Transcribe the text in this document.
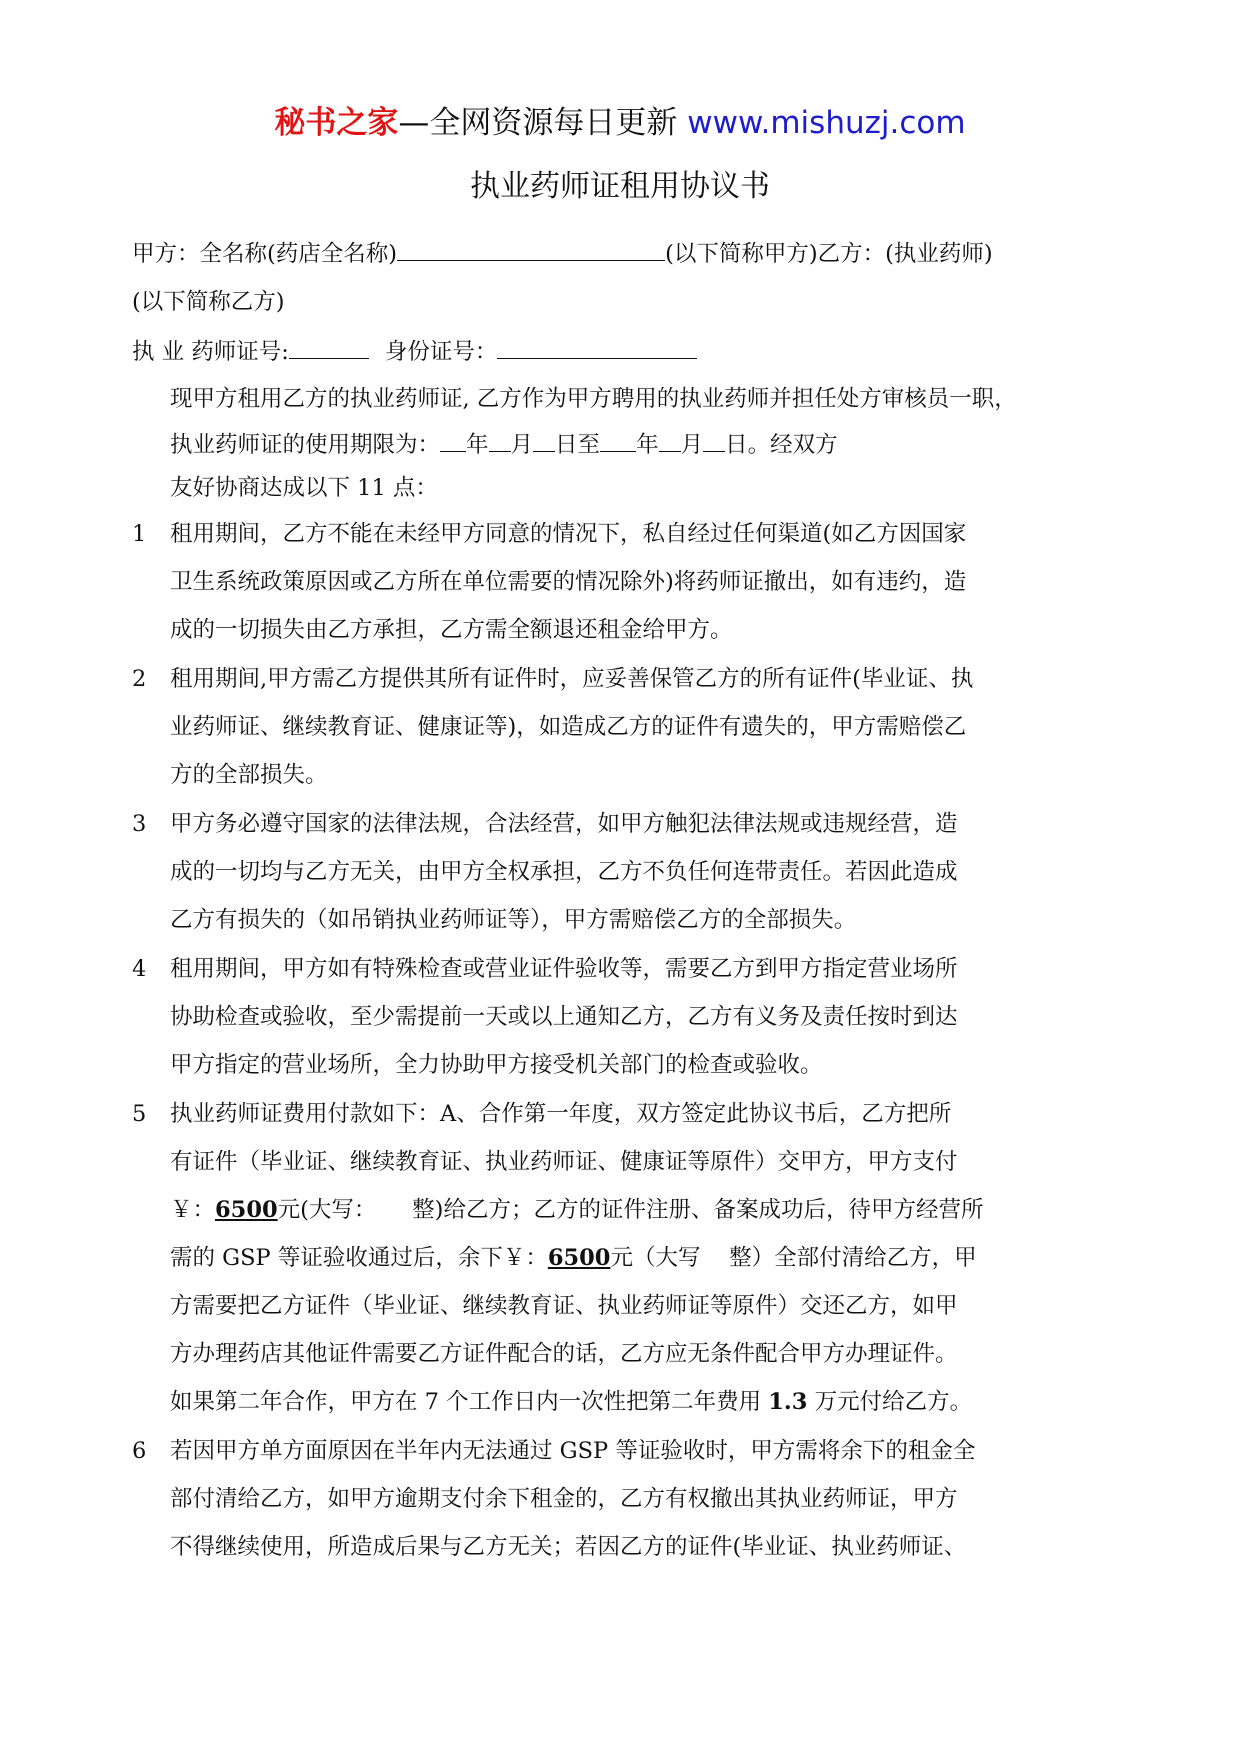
秘书之家—全网资源每日更新 www.mishuzj.com
执业药师证租用协议书
甲方：全名称(药店全名称)	(以下简称甲方)乙方：(执业药师)
(以下简称乙方)
执 业 药师证号:	身份证号：
现甲方租用乙方的执业药师证, 乙方作为甲方聘用的执业药师并担任处方审核员一职，
执业药师证的使用期限为： 年 月 日至 年 月 日。经双方
友好协商达成以下 11 点：
1 租用期间，乙方不能在未经甲方同意的情况下，私自经过任何渠道(如乙方因国家
卫生系统政策原因或乙方所在单位需要的情况除外)将药师证撤出，如有违约，造
成的一切损失由乙方承担，乙方需全额退还租金给甲方。
2 租用期间,甲方需乙方提供其所有证件时，应妥善保管乙方的所有证件(毕业证、执
业药师证、继续教育证、健康证等)，如造成乙方的证件有遗失的，甲方需赔偿乙
方的全部损失。
3 甲方务必遵守国家的法律法规，合法经营，如甲方触犯法律法规或违规经营，造
成的一切均与乙方无关，由甲方全权承担，乙方不负任何连带责任。若因此造成
乙方有损失的（如吊销执业药师证等），甲方需赔偿乙方的全部损失。
4 租用期间，甲方如有特殊检查或营业证件验收等，需要乙方到甲方指定营业场所
协助检查或验收，至少需提前一天或以上通知乙方，乙方有义务及责任按时到达
甲方指定的营业场所，全力协助甲方接受机关部门的检查或验收。
5 执业药师证费用付款如下：A、合作第一年度，双方签定此协议书后，乙方把所
有证件（毕业证、继续教育证、执业药师证、健康证等原件）交甲方，甲方支付
￥：6500元(大写：     整)给乙方；乙方的证件注册、备案成功后，待甲方经营所
需的 GSP 等证验收通过后，余下￥：6500元（大写    整）全部付清给乙方，甲
方需要把乙方证件（毕业证、继续教育证、执业药师证等原件）交还乙方，如甲
方办理药店其他证件需要乙方证件配合的话，乙方应无条件配合甲方办理证件。
如果第二年合作，甲方在 7 个工作日内一次性把第二年费用 1.3 万元付给乙方。
6 若因甲方单方面原因在半年内无法通过 GSP 等证验收时，甲方需将余下的租金全
部付清给乙方，如甲方逾期支付余下租金的，乙方有权撤出其执业药师证，甲方
不得继续使用，所造成后果与乙方无关；若因乙方的证件(毕业证、执业药师证、
